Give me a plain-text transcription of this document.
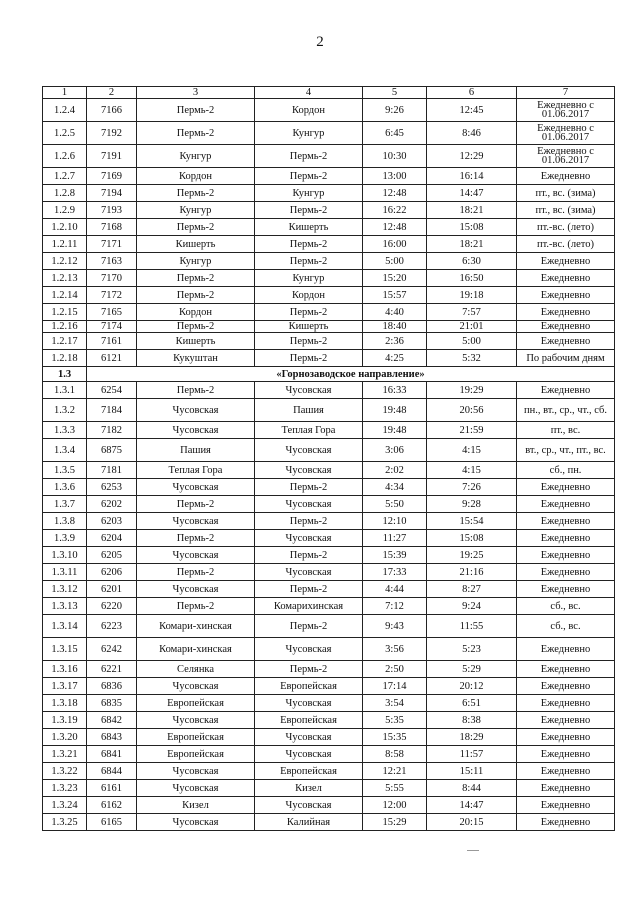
2
1	2	3	4	5	6	7
1.2.4	7166	Пермь-2	Кордон	9:26	12:45	Ежедневно с 01.06.2017
1.2.5	7192	Пермь-2	Кунгур	6:45	8:46	Ежедневно с 01.06.2017
1.2.6	7191	Кунгур	Пермь-2	10:30	12:29	Ежедневно с 01.06.2017
1.2.7	7169	Кордон	Пермь-2	13:00	16:14	Ежедневно
1.2.8	7194	Пермь-2	Кунгур	12:48	14:47	пт., вс. (зима)
1.2.9	7193	Кунгур	Пермь-2	16:22	18:21	пт., вс. (зима)
1.2.10	7168	Пермь-2	Кишерть	12:48	15:08	пт.-вс. (лето)
1.2.11	7171	Кишерть	Пермь-2	16:00	18:21	пт.-вс. (лето)
1.2.12	7163	Кунгур	Пермь-2	5:00	6:30	Ежедневно
1.2.13	7170	Пермь-2	Кунгур	15:20	16:50	Ежедневно
1.2.14	7172	Пермь-2	Кордон	15:57	19:18	Ежедневно
1.2.15	7165	Кордон	Пермь-2	4:40	7:57	Ежедневно
1.2.16	7174	Пермь-2	Кишерть	18:40	21:01	Ежедневно
1.2.17	7161	Кишерть	Пермь-2	2:36	5:00	Ежедневно
1.2.18	6121	Кукуштан	Пермь-2	4:25	5:32	По рабочим дням
1.3	«Горнозаводское направление»					
1.3.1	6254	Пермь-2	Чусовская	16:33	19:29	Ежедневно
1.3.2	7184	Чусовская	Пашия	19:48	20:56	пн., вт., ср., чт., сб.
1.3.3	7182	Чусовская	Теплая Гора	19:48	21:59	пт., вс.
1.3.4	6875	Пашия	Чусовская	3:06	4:15	вт., ср., чт., пт., вс.
1.3.5	7181	Теплая Гора	Чусовская	2:02	4:15	сб., пн.
1.3.6	6253	Чусовская	Пермь-2	4:34	7:26	Ежедневно
1.3.7	6202	Пермь-2	Чусовская	5:50	9:28	Ежедневно
1.3.8	6203	Чусовская	Пермь-2	12:10	15:54	Ежедневно
1.3.9	6204	Пермь-2	Чусовская	11:27	15:08	Ежедневно
1.3.10	6205	Чусовская	Пермь-2	15:39	19:25	Ежедневно
1.3.11	6206	Пермь-2	Чусовская	17:33	21:16	Ежедневно
1.3.12	6201	Чусовская	Пермь-2	4:44	8:27	Ежедневно
1.3.13	6220	Пермь-2	Комарихинская	7:12	9:24	сб., вс.
1.3.14	6223	Комари-хинская	Пермь-2	9:43	11:55	сб., вс.
1.3.15	6242	Комари-хинская	Чусовская	3:56	5:23	Ежедневно
1.3.16	6221	Селянка	Пермь-2	2:50	5:29	Ежедневно
1.3.17	6836	Чусовская	Европейская	17:14	20:12	Ежедневно
1.3.18	6835	Европейская	Чусовская	3:54	6:51	Ежедневно
1.3.19	6842	Чусовская	Европейская	5:35	8:38	Ежедневно
1.3.20	6843	Европейская	Чусовская	15:35	18:29	Ежедневно
1.3.21	6841	Европейская	Чусовская	8:58	11:57	Ежедневно
1.3.22	6844	Чусовская	Европейская	12:21	15:11	Ежедневно
1.3.23	6161	Чусовская	Кизел	5:55	8:44	Ежедневно
1.3.24	6162	Кизел	Чусовская	12:00	14:47	Ежедневно
1.3.25	6165	Чусовская	Калийная	15:29	20:15	Ежедневно
